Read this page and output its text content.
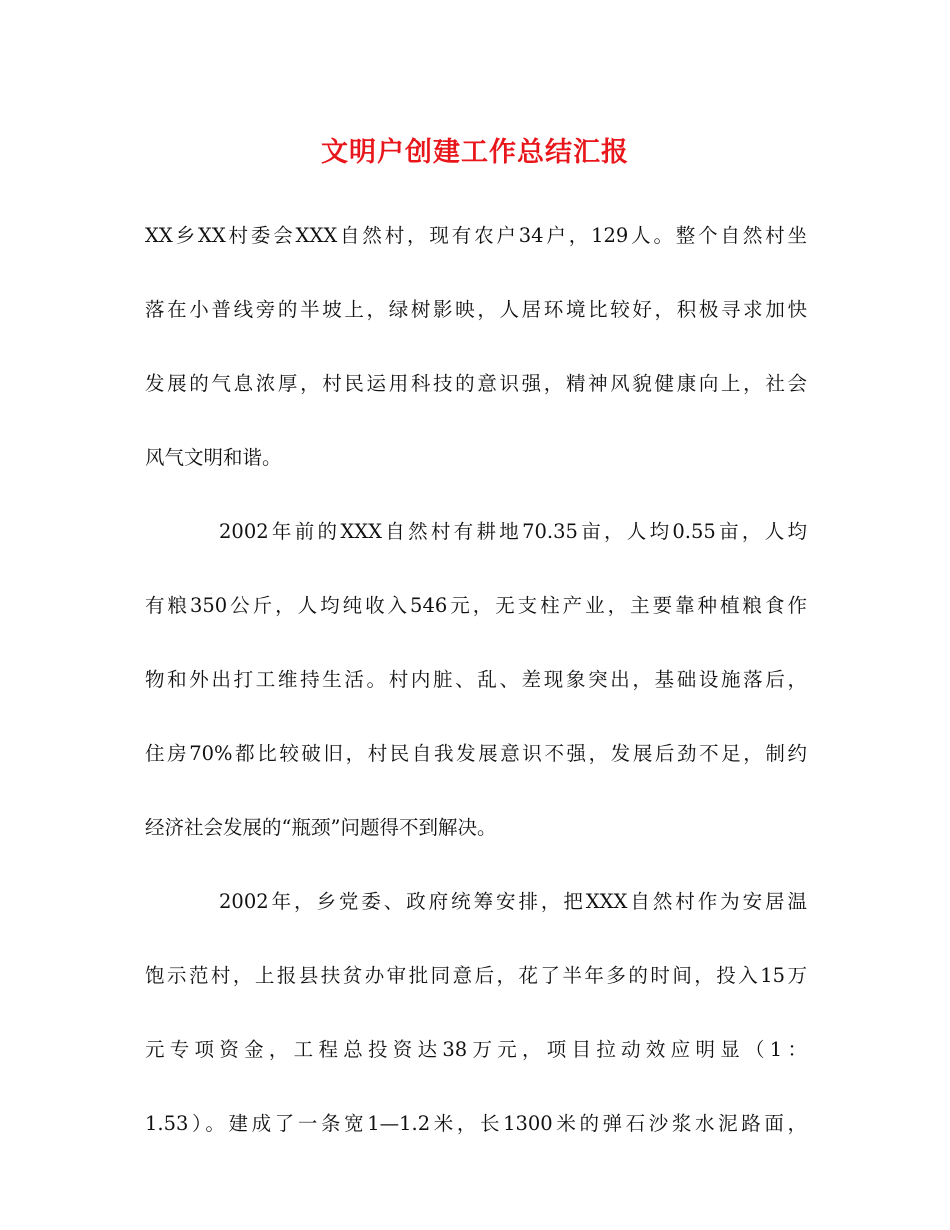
文明户创建工作总结汇报
XX乡XX村委会XXX自然村，现有农户34户，129人。整个自然村坐
落在小普线旁的半坡上，绿树影映，人居环境比较好，积极寻求加快
发展的气息浓厚，村民运用科技的意识强，精神风貌健康向上，社会
风气文明和谐。
2002年前的XXX自然村有耕地70.35亩，人均0.55亩，人均
有粮350公斤，人均纯收入546元，无支柱产业，主要靠种植粮食作
物和外出打工维持生活。村内脏、乱、差现象突出，基础设施落后，
住房70%都比较破旧，村民自我发展意识不强，发展后劲不足，制约
经济社会发展的“瓶颈”问题得不到解决。
2002年，乡党委、政府统筹安排，把XXX自然村作为安居温
饱示范村，上报县扶贫办审批同意后，花了半年多的时间，投入15万
元专项资金，工程总投资达38万元，项目拉动效应明显（1：
1.53）。建成了一条宽1—1.2米，长1300米的弹石沙浆水泥路面，
